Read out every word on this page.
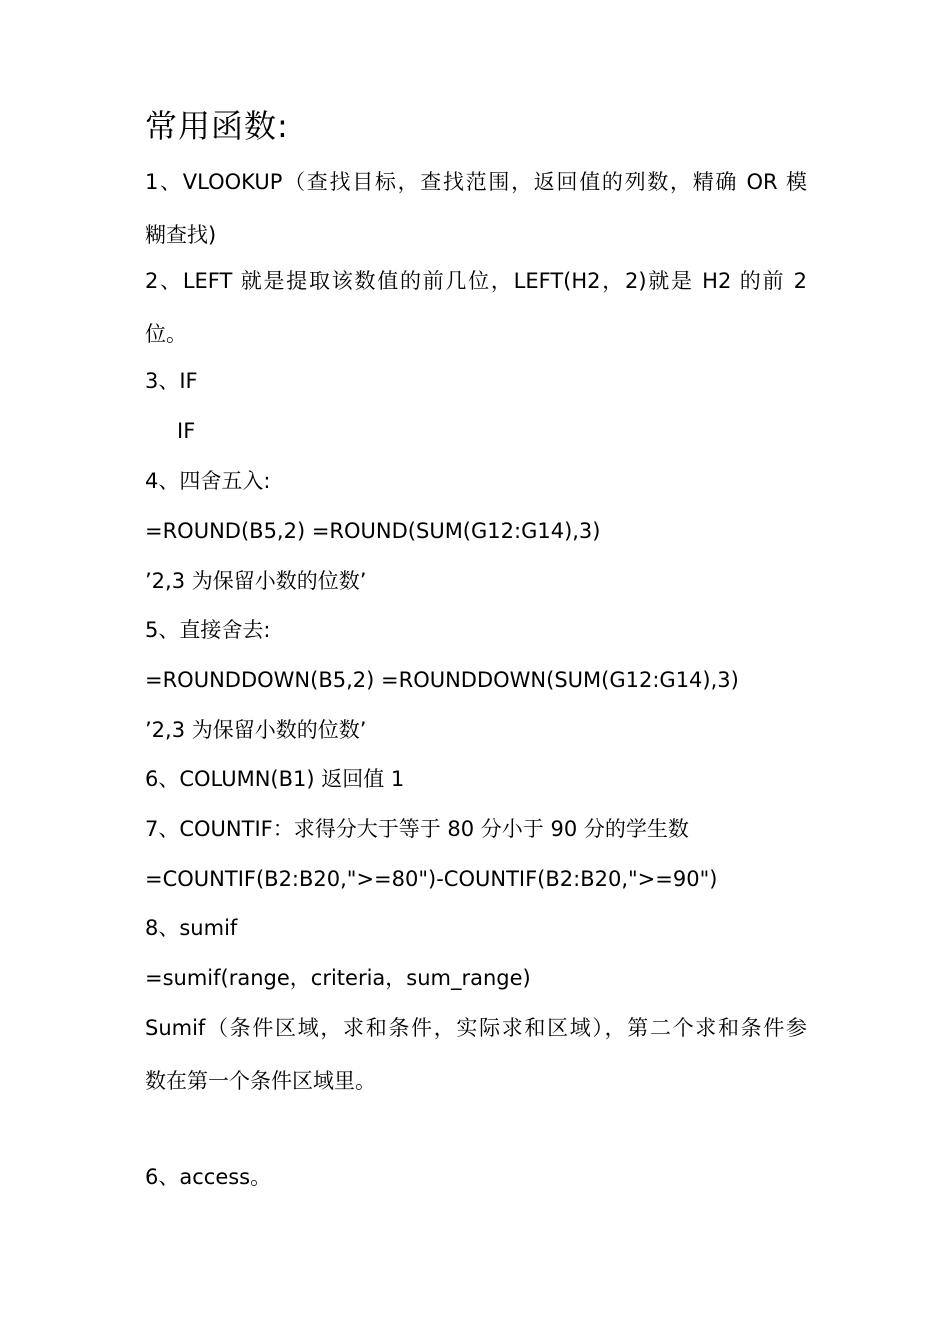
常用函数:
1、VLOOKUP（查找目标，查找范围，返回值的列数，精确 OR 模
糊查找)
2、LEFT 就是提取该数值的前几位，LEFT(H2，2)就是 H2 的前 2
位。
3、IF
IF
4、四舍五入:
=ROUND(B5,2) =ROUND(SUM(G12:G14),3)
’2,3 为保留小数的位数’
5、直接舍去:
=ROUNDDOWN(B5,2) =ROUNDDOWN(SUM(G12:G14),3)
’2,3 为保留小数的位数’
6、COLUMN(B1) 返回值 1
7、COUNTIF：求得分大于等于 80 分小于 90 分的学生数
=COUNTIF(B2:B20,">=80")-COUNTIF(B2:B20,">=90")
8、sumif
=sumif(range，criteria，sum_range)
Sumif（条件区域，求和条件，实际求和区域），第二个求和条件参
数在第一个条件区域里。
6、access。
